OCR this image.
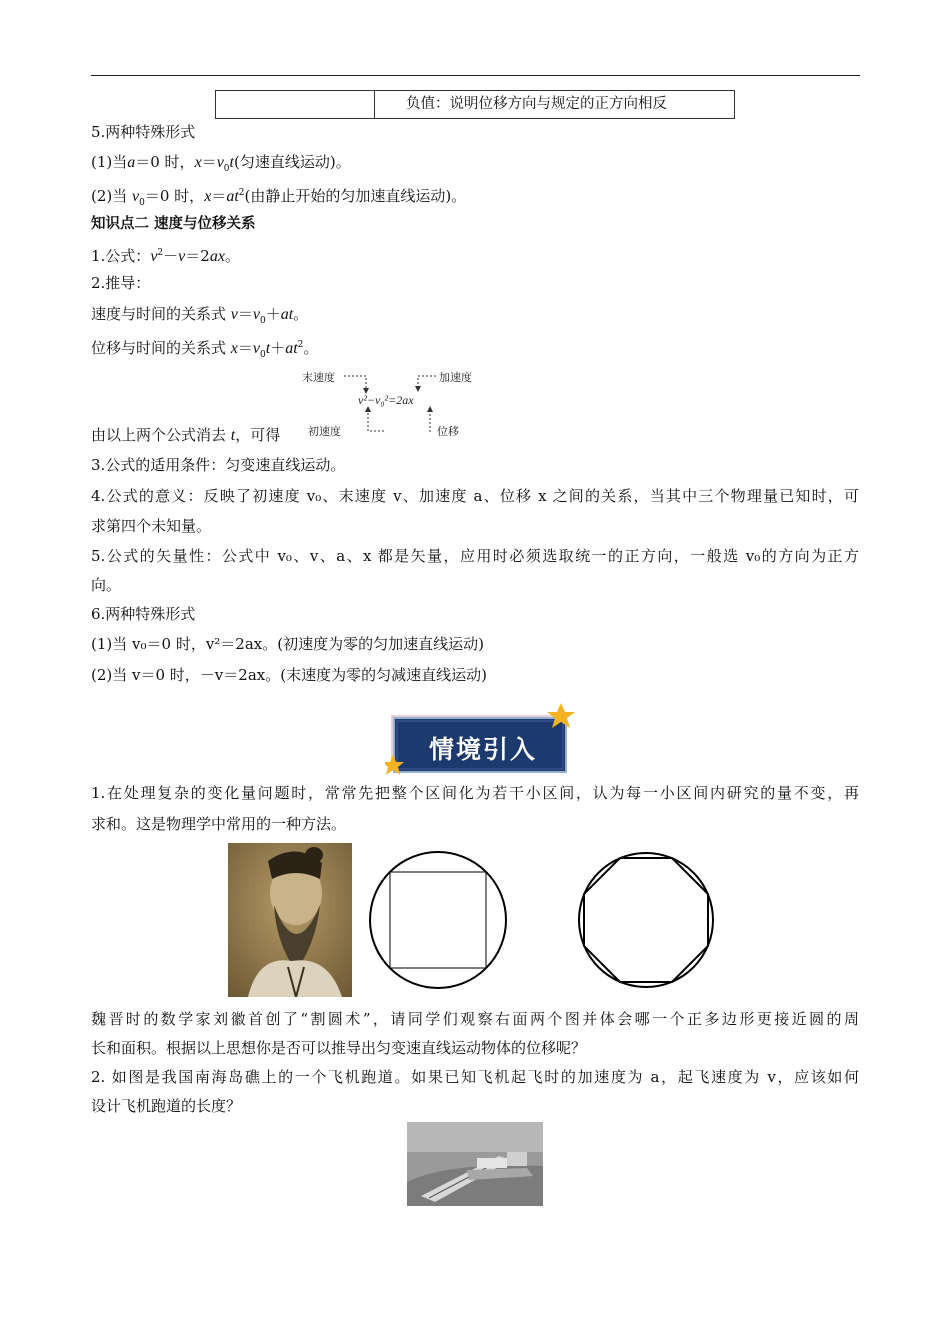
负值：说明位移方向与规定的正方向相反
5.两种特殊形式
(1)当a＝0 时，$x=v_0t$(匀速直线运动)。
(2)当 $v_0=0$ 时，$x=at^2$(由静止开始的匀加速直线运动)。
知识点二 速度与位移关系
1.公式：$v^2-v=2ax$。
2.推导：
速度与时间的关系式 $v=v_0+at$。
位移与时间的关系式 $x=v_0t+at^2$。
末速度	加速度
v²−v₀²=2ax
初速度	位移
由以上两个公式消去 t，可得
3.公式的适用条件：匀变速直线运动。
4.公式的意义：反映了初速度 v₀、末速度 v、加速度 a、位移 x 之间的关系，当其中三个物理量已知时，可
求第四个未知量。
5.公式的矢量性：公式中 v₀、v、a、x 都是矢量，应用时必须选取统一的正方向，一般选 v₀的方向为正方
向。
6.两种特殊形式
(1)当 v₀＝0 时，v²＝2ax。(初速度为零的匀加速直线运动)
(2)当 v＝0 时，－v＝2ax。(末速度为零的匀减速直线运动)
情境引入
1.在处理复杂的变化量问题时，常常先把整个区间化为若干小区间，认为每一小区间内研究的量不变，再
求和。这是物理学中常用的一种方法。
魏晋时的数学家刘徽首创了“割圆术”，请同学们观察右面两个图并体会哪一个正多边形更接近圆的周
长和面积。根据以上思想你是否可以推导出匀变速直线运动物体的位移呢？
2. 如图是我国南海岛礁上的一个飞机跑道。如果已知飞机起飞时的加速度为 a，起飞速度为 v，应该如何
设计飞机跑道的长度？
